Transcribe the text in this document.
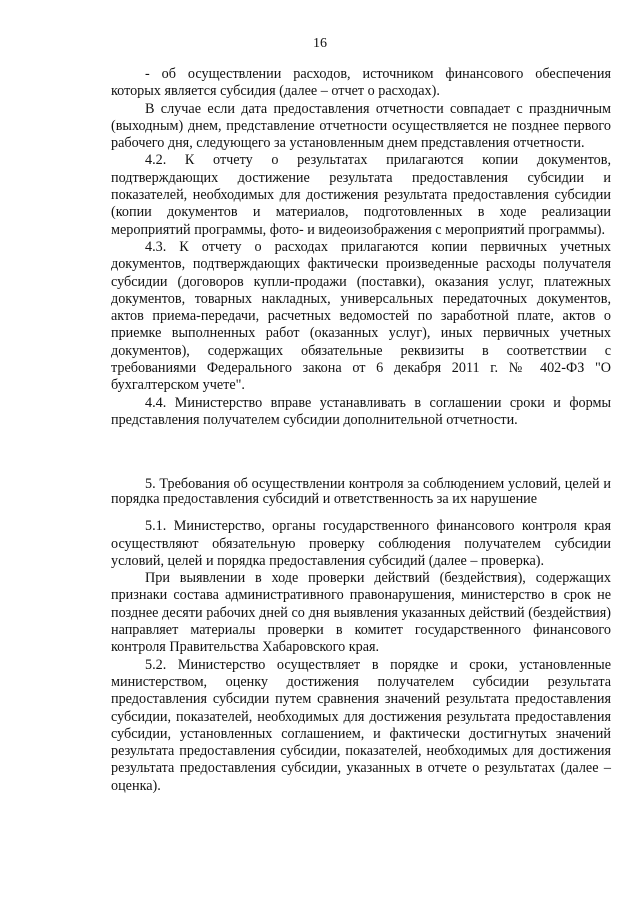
16

- об осуществлении расходов, источником финансового обеспечения которых является субсидия (далее – отчет о расходах).

В случае если дата предоставления отчетности совпадает с праздничным (выходным) днем, представление отчетности осуществляется не позднее первого рабочего дня, следующего за установленным днем представления отчетности.

4.2. К отчету о результатах прилагаются копии документов, подтверждающих достижение результата предоставления субсидии и показателей, необходимых для достижения результата предоставления субсидии (копии документов и материалов, подготовленных в ходе реализации мероприятий программы, фото- и видеоизображения с мероприятий программы).

4.3. К отчету о расходах прилагаются копии первичных учетных документов, подтверждающих фактически произведенные расходы получателя субсидии (договоров купли-продажи (поставки), оказания услуг, платежных документов, товарных накладных, универсальных передаточных документов, актов приема-передачи, расчетных ведомостей по заработной плате, актов о приемке выполненных работ (оказанных услуг), иных первичных учетных документов), содержащих обязательные реквизиты в соответствии с требованиями Федерального закона от 6 декабря 2011 г. № 402-ФЗ "О бухгалтерском учете".

4.4. Министерство вправе устанавливать в соглашении сроки и формы представления получателем субсидии дополнительной отчетности.

5. Требования об осуществлении контроля за соблюдением условий, целей и порядка предоставления субсидий и ответственность за их нарушение

5.1. Министерство, органы государственного финансового контроля края осуществляют обязательную проверку соблюдения получателем субсидии условий, целей и порядка предоставления субсидий (далее – проверка).

При выявлении в ходе проверки действий (бездействия), содержащих признаки состава административного правонарушения, министерство в срок не позднее десяти рабочих дней со дня выявления указанных действий (бездействия) направляет материалы проверки в комитет государственного финансового контроля Правительства Хабаровского края.

5.2. Министерство осуществляет в порядке и сроки, установленные министерством, оценку достижения получателем субсидии результата предоставления субсидии путем сравнения значений результата предоставления субсидии, показателей, необходимых для достижения результата предоставления субсидии, установленных соглашением, и фактически достигнутых значений результата предоставления субсидии, показателей, необходимых для достижения результата предоставления субсидии, указанных в отчете о результатах (далее – оценка).
